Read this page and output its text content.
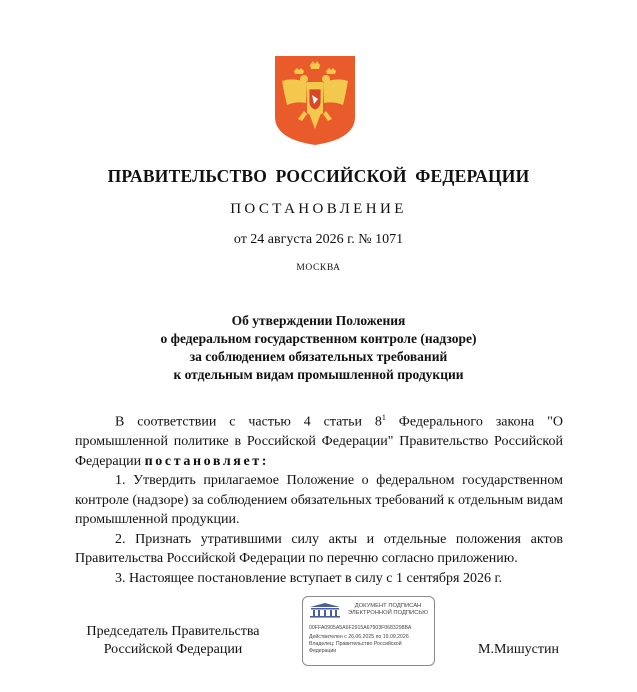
ПРАВИТЕЛЬСТВО РОССИЙСКОЙ ФЕДЕРАЦИИ
ПОСТАНОВЛЕНИЕ
от 24 августа 2026 г. № 1071
МОСКВА
Об утверждении Положения
о федеральном государственном контроле (надзоре)
за соблюдением обязательных требований
к отдельным видам промышленной продукции

В соответствии с частью 4 статьи $8^1$ Федерального закона "О промышленной политике в Российской Федерации" Правительство Российской Федерации постановляет:

1. Утвердить прилагаемое Положение о федеральном государственном контроле (надзоре) за соблюдением обязательных требований к отдельным видам промышленной продукции.

2. Признать утратившими силу акты и отдельные положения актов Правительства Российской Федерации по перечню согласно приложению.

3. Настоящее постановление вступает в силу с 1 сентября 2026 г.

Председатель Правительства
Российской Федерации
ДОКУМЕНТ ПОДПИСАН
ЭЛЕКТРОННОЙ ПОДПИСЬЮ
00FFA0905A5A6F2915A67903F0683298BA
Действителен с 26.06.2025 по 19.09.2026
Владелец: Правительство Российской
Федерации	М.Мишустин
